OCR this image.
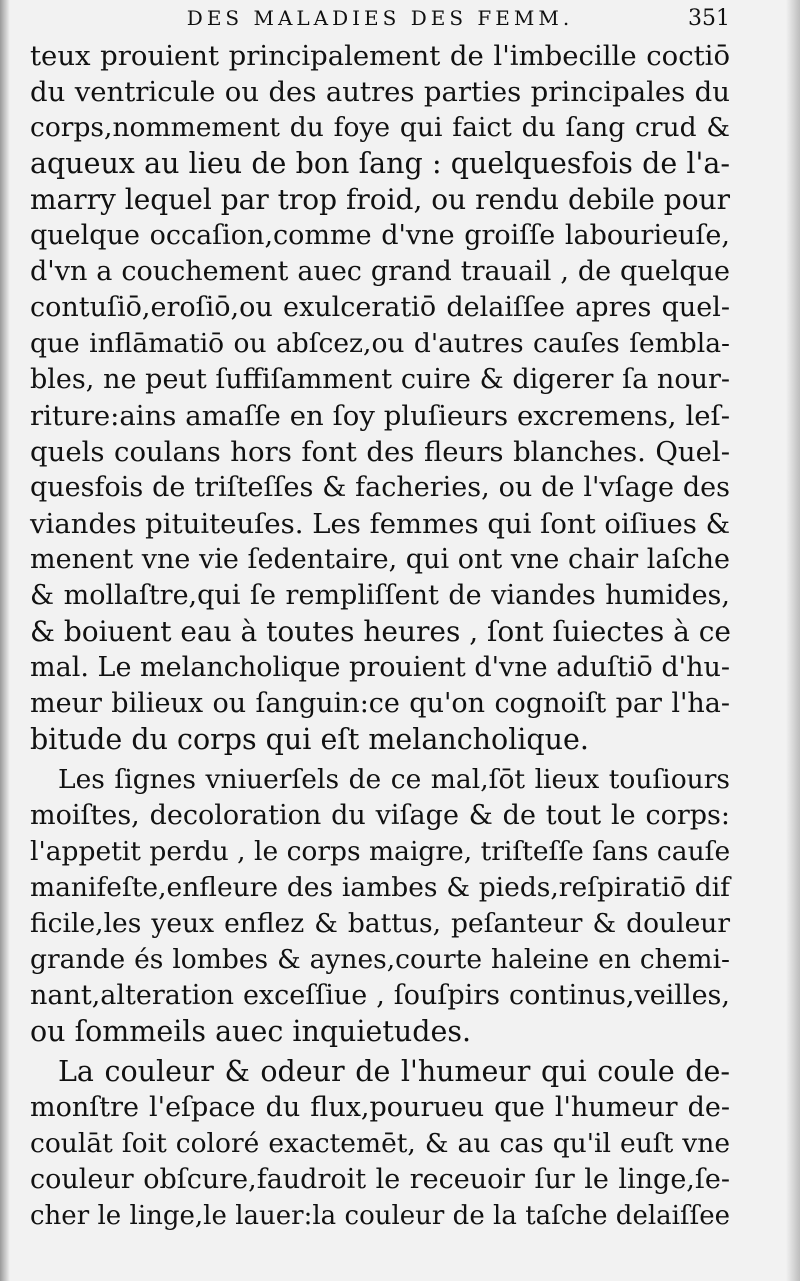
DES MALADIES DES FEMM.	351
teux prouient principalement de l'imbecille coctiō
du ventricule ou des autres parties principales du
corps,nommement du foye qui faict du ſang crud &
aqueux au lieu de bon ſang : quelquesfois de l'a-
marry lequel par trop froid, ou rendu debile pour
quelque occaſion,comme d'vne groiſſe labourieuſe,
d'vn a couchement auec grand trauail , de quelque
contuſiō,eroſiō,ou exulceratiō delaiſſee apres quel-
que inflāmatiō ou abſcez,ou d'autres cauſes ſembla-
bles, ne peut ſuffiſamment cuire & digerer ſa nour-
riture:ains amaſſe en ſoy pluſieurs excremens, leſ-
quels coulans hors font des fleurs blanches. Quel-
quesfois de triſteſſes & facheries, ou de l'vſage des
viandes pituiteuſes. Les femmes qui ſont oiſiues &
menent vne vie ſedentaire, qui ont vne chair laſche
& mollaſtre,qui ſe rempliſſent de viandes humides,
& boiuent eau à toutes heures , ſont ſuiectes à ce
mal. Le melancholique prouient d'vne aduſtiō d'hu-
meur bilieux ou ſanguin:ce qu'on cognoiſt par l'ha-
bitude du corps qui eſt melancholique.
Les ſignes vniuerſels de ce mal,ſōt lieux touſiours
moiſtes, decoloration du viſage & de tout le corps:
l'appetit perdu , le corps maigre, triſteſſe ſans cauſe
manifeſte,enfleure des iambes & pieds,reſpiratiō dif
ficile,les yeux enflez & battus, peſanteur & douleur
grande és lombes & aynes,courte haleine en chemi-
nant,alteration exceſſiue , ſouſpirs continus,veilles,
ou ſommeils auec inquietudes.
La couleur & odeur de l'humeur qui coule de-
monſtre l'eſpace du flux,pourueu que l'humeur de-
coulāt ſoit coloré exactemēt, & au cas qu'il euſt vne
couleur obſcure,faudroit le receuoir ſur le linge,ſe-
cher le linge,le lauer:la couleur de la taſche delaiſſee
